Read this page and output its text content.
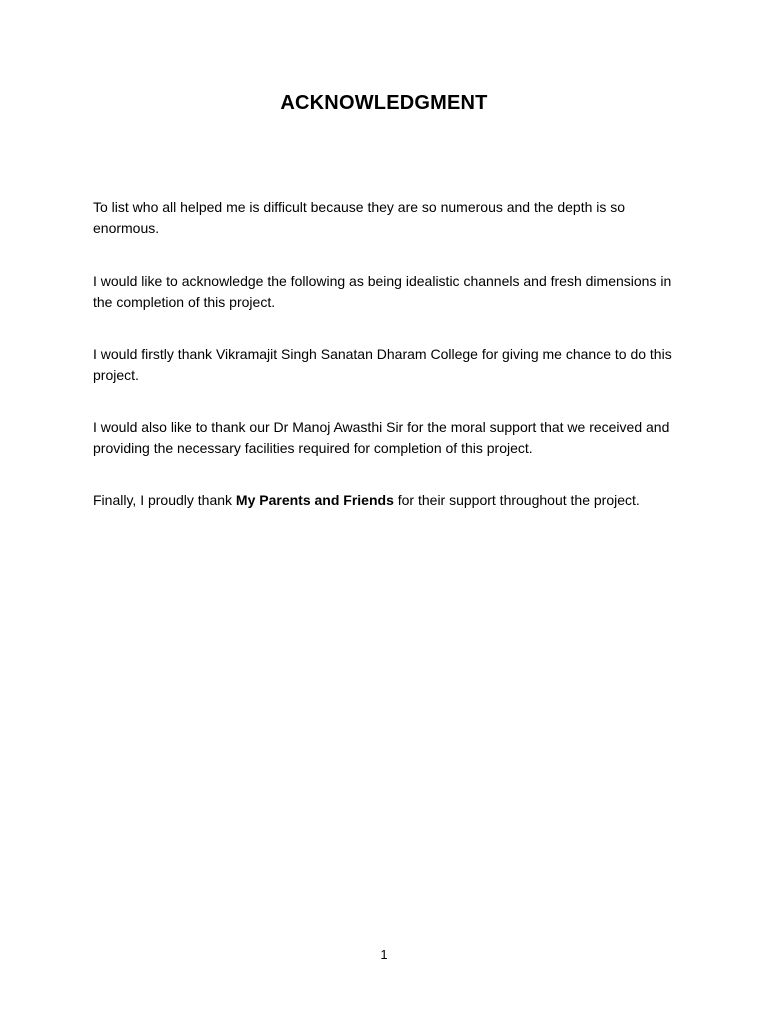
ACKNOWLEDGMENT

To list who all helped me is difficult because they are so numerous and the depth is so enormous.

I would like to acknowledge the following as being idealistic channels and fresh dimensions in the completion of this project.

I would firstly thank Vikramajit Singh Sanatan Dharam College for giving me chance to do this project.

I would also like to thank our Dr Manoj Awasthi Sir for the moral support that we received and providing the necessary facilities required for completion of this project.

Finally, I proudly thank My Parents and Friends for their support throughout the project.

1
